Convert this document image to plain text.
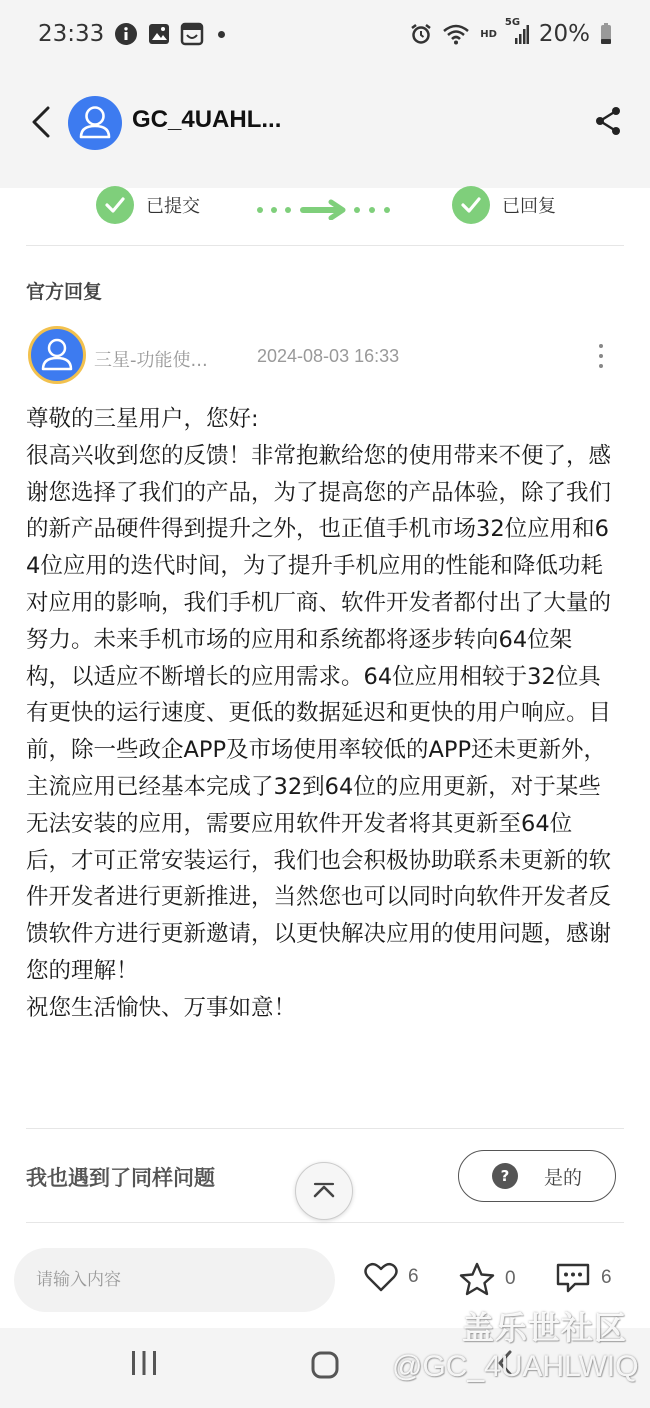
23:33	HD
5G 20%
GC_4UAHL...
已提交	已回复
官方回复
三星-功能使...	2024-08-03 16:33

尊敬的三星用户，您好:

很高兴收到您的反馈！非常抱歉给您的使用带来不便了，感谢您选择了我们的产品，为了提高您的产品体验，除了我们的新产品硬件得到提升之外，也正值手机市场32位应用和64位应用的迭代时间，为了提升手机应用的性能和降低功耗对应用的影响，我们手机厂商、软件开发者都付出了大量的努力。未来手机市场的应用和系统都将逐步转向64位架构，以适应不断增长的应用需求。64位应用相较于32位具有更快的运行速度、更低的数据延迟和更快的用户响应。目前，除一些政企APP及市场使用率较低的APP还未更新外，主流应用已经基本完成了32到64位的应用更新，对于某些无法安装的应用，需要应用软件开发者将其更新至64位后，才可正常安装运行，我们也会积极协助联系未更新的软件开发者进行更新推进，当然您也可以同时向软件开发者反馈软件方进行更新邀请，以更快解决应用的使用问题，感谢您的理解！

祝您生活愉快、万事如意！

我也遇到了同样问题	?	是的
请输入内容
6	0	6
盖乐世社区
@GC_4UAHLWIQ
